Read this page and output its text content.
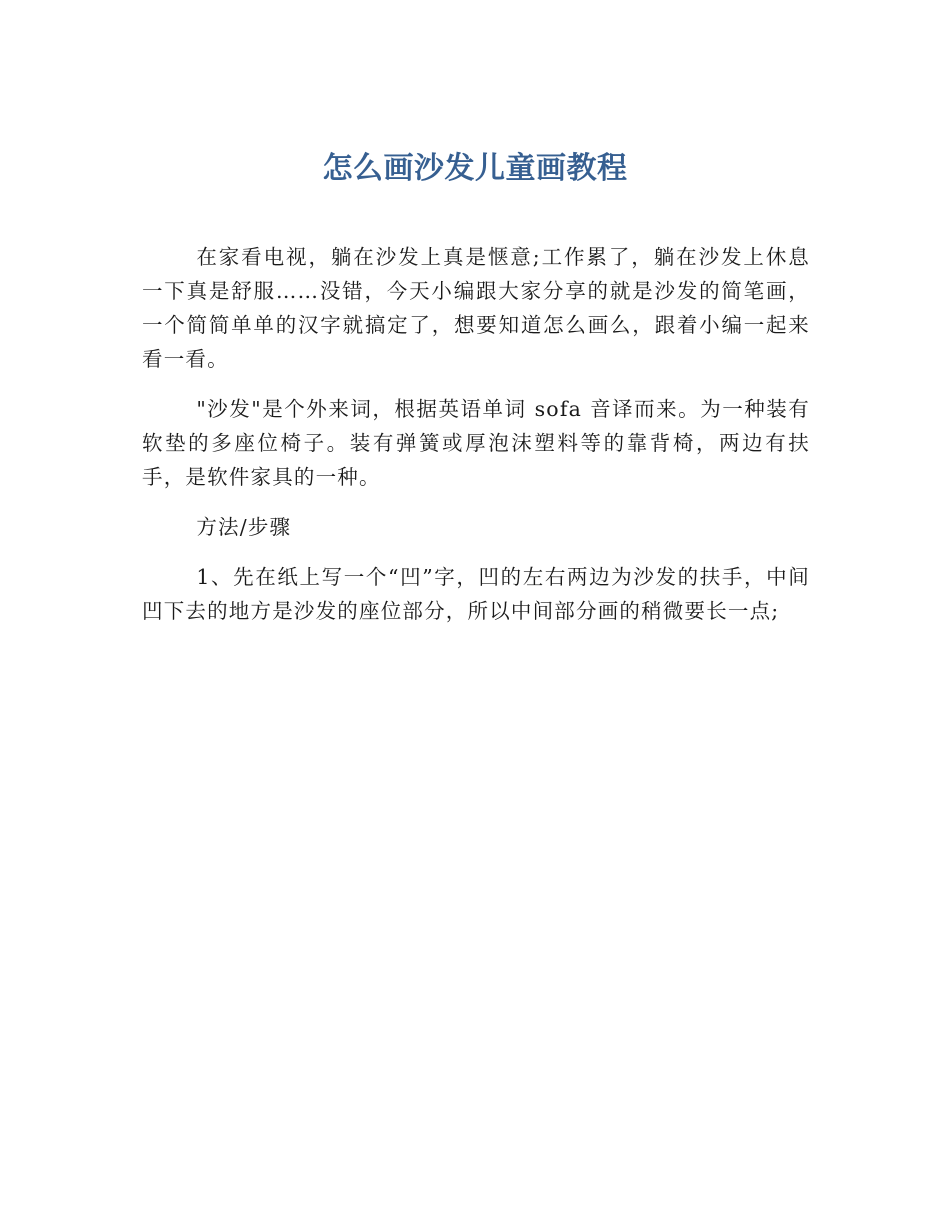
怎么画沙发儿童画教程

在家看电视，躺在沙发上真是惬意;工作累了，躺在沙发上休息一下真是舒服……没错，今天小编跟大家分享的就是沙发的简笔画，一个简简单单的汉字就搞定了，想要知道怎么画么，跟着小编一起来看一看。

"沙发"是个外来词，根据英语单词 sofa 音译而来。为一种装有软垫的多座位椅子。装有弹簧或厚泡沫塑料等的靠背椅，两边有扶手，是软件家具的一种。

方法/步骤

1、先在纸上写一个“凹”字，凹的左右两边为沙发的扶手，中间凹下去的地方是沙发的座位部分，所以中间部分画的稍微要长一点;
